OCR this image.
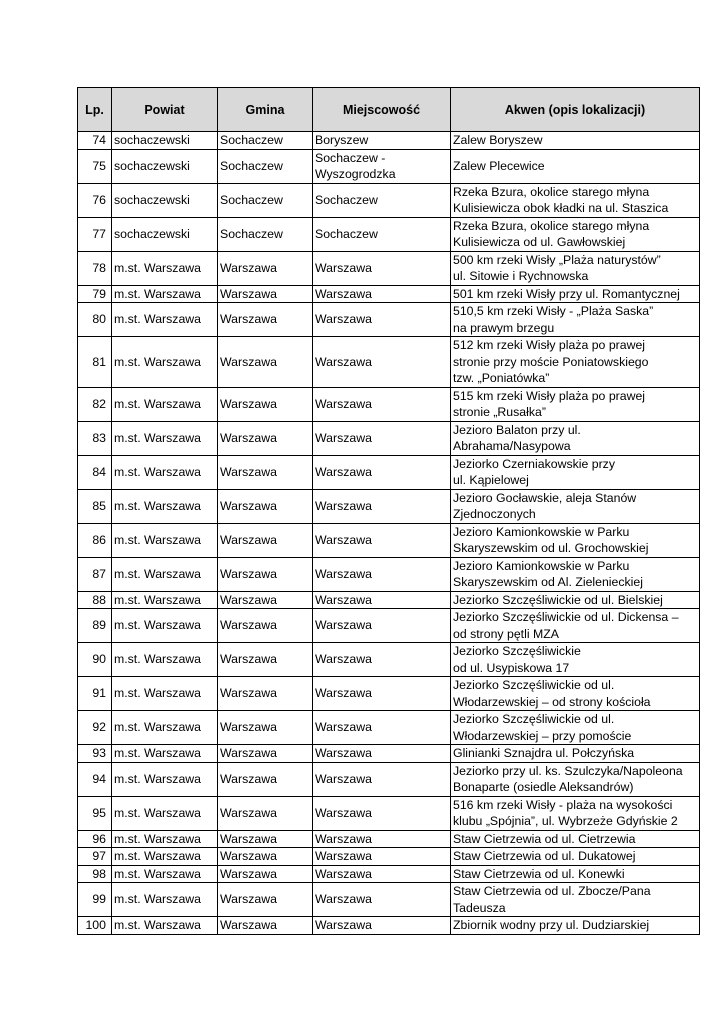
Lp.	Powiat	Gmina	Miejscowość	Akwen (opis lokalizacji)
74	sochaczewski	Sochaczew	Boryszew	Zalew Boryszew

75	sochaczewski	Sochaczew	Sochaczew -
Wyszogrodzka	Zalew Plecewice

76	sochaczewski	Sochaczew	Sochaczew	Rzeka Bzura, okolice starego młyna
Kulisiewicza obok kładki na ul. Staszica

77	sochaczewski	Sochaczew	Sochaczew	Rzeka Bzura, okolice starego młyna
Kulisiewicza od ul. Gawłowskiej

78	m.st. Warszawa	Warszawa	Warszawa	500 km rzeki Wisły „Plaża naturystów”
ul. Sitowie i Rychnowska

79	m.st. Warszawa	Warszawa	Warszawa	501 km rzeki Wisły przy ul. Romantycznej

80	m.st. Warszawa	Warszawa	Warszawa	510,5 km rzeki Wisły - „Plaża Saska”
na prawym brzegu

81	m.st. Warszawa	Warszawa	Warszawa	512 km rzeki Wisły plaża po prawej
stronie przy moście Poniatowskiego
tzw. „Poniatówka”

82	m.st. Warszawa	Warszawa	Warszawa	515 km rzeki Wisły plaża po prawej
stronie „Rusałka”

83	m.st. Warszawa	Warszawa	Warszawa	Jezioro Balaton przy ul.
Abrahama/Nasypowa

84	m.st. Warszawa	Warszawa	Warszawa	Jeziorko Czerniakowskie przy
ul. Kąpielowej

85	m.st. Warszawa	Warszawa	Warszawa	Jezioro Gocławskie, aleja Stanów
Zjednoczonych

86	m.st. Warszawa	Warszawa	Warszawa	Jezioro Kamionkowskie w Parku
Skaryszewskim od ul. Grochowskiej

87	m.st. Warszawa	Warszawa	Warszawa	Jezioro Kamionkowskie w Parku
Skaryszewskim od Al. Zielenieckiej

88	m.st. Warszawa	Warszawa	Warszawa	Jeziorko Szczęśliwickie od ul. Bielskiej

89	m.st. Warszawa	Warszawa	Warszawa	Jeziorko Szczęśliwickie od ul. Dickensa –
od strony pętli MZA

90	m.st. Warszawa	Warszawa	Warszawa	Jeziorko Szczęśliwickie
od ul. Usypiskowa 17

91	m.st. Warszawa	Warszawa	Warszawa	Jeziorko Szczęśliwickie od ul.
Włodarzewskiej – od strony kościoła

92	m.st. Warszawa	Warszawa	Warszawa	Jeziorko Szczęśliwickie od ul.
Włodarzewskiej – przy pomoście

93	m.st. Warszawa	Warszawa	Warszawa	Glinianki Sznajdra ul. Połczyńska

94	m.st. Warszawa	Warszawa	Warszawa	Jeziorko przy ul. ks. Szulczyka/Napoleona
Bonaparte (osiedle Aleksandrów)

95	m.st. Warszawa	Warszawa	Warszawa	516 km rzeki Wisły - plaża na wysokości
klubu „Spójnia”, ul. Wybrzeże Gdyńskie 2

96	m.st. Warszawa	Warszawa	Warszawa	Staw Cietrzewia od ul. Cietrzewia

97	m.st. Warszawa	Warszawa	Warszawa	Staw Cietrzewia od ul. Dukatowej

98	m.st. Warszawa	Warszawa	Warszawa	Staw Cietrzewia od ul. Konewki

99	m.st. Warszawa	Warszawa	Warszawa	Staw Cietrzewia od ul. Zbocze/Pana
Tadeusza

100	m.st. Warszawa	Warszawa	Warszawa	Zbiornik wodny przy ul. Dudziarskiej
